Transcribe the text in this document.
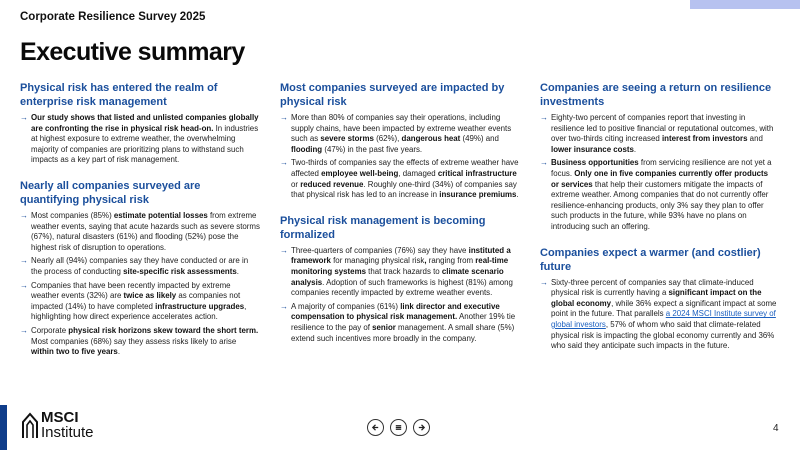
Corporate Resilience Survey 2025
Executive summary
Physical risk has entered the realm of enterprise risk management
→ Our study shows that listed and unlisted companies globally are confronting the rise in physical risk head-on. In industries at highest exposure to extreme weather, the overwhelming majority of companies are prioritizing plans to withstand such impacts as a key part of risk management.
Nearly all companies surveyed are quantifying physical risk
→ Most companies (85%) estimate potential losses from extreme weather events, saying that acute hazards such as severe storms (67%), natural disasters (61%) and flooding (52%) pose the highest risk of disruption to operations.
→ Nearly all (94%) companies say they have conducted or are in the process of conducting site-specific risk assessments.
→ Companies that have been recently impacted by extreme weather events (32%) are twice as likely as companies not impacted (14%) to have completed infrastructure upgrades, highlighting how direct experience accelerates action.
→ Corporate physical risk horizons skew toward the short term. Most companies (68%) say they assess risks likely to arise within two to five years.
Most companies surveyed are impacted by physical risk
→ More than 80% of companies say their operations, including supply chains, have been impacted by extreme weather events such as severe storms (62%), dangerous heat (49%) and flooding (47%) in the past five years.
→ Two-thirds of companies say the effects of extreme weather have affected employee well-being, damaged critical infrastructure or reduced revenue. Roughly one-third (34%) of companies say that physical risk has led to an increase in insurance premiums.
Physical risk management is becoming formalized
→ Three-quarters of companies (76%) say they have instituted a framework for managing physical risk, ranging from real-time monitoring systems that track hazards to climate scenario analysis. Adoption of such frameworks is highest (81%) among companies recently impacted by extreme weather events.
→ A majority of companies (61%) link director and executive compensation to physical risk management. Another 19% tie resilience to the pay of senior management. A small share (5%) extend such incentives more broadly in the company.
Companies are seeing a return on resilience investments
→ Eighty-two percent of companies report that investing in resilience led to positive financial or reputational outcomes, with over two-thirds citing increased interest from investors and lower insurance costs.
→ Business opportunities from servicing resilience are not yet a focus. Only one in five companies currently offer products or services that help their customers mitigate the impacts of extreme weather. Among companies that do not currently offer resilience-enhancing products, only 3% say they plan to offer such products in the future, while 93% have no plans on introducing such an offering.
Companies expect a warmer (and costlier) future
→ Sixty-three percent of companies say that climate-induced physical risk is currently having a significant impact on the global economy, while 36% expect a significant impact at some point in the future. That parallels a 2024 MSCI Institute survey of global investors, 57% of whom who said that climate-related physical risk is impacting the global economy currently and 36% who said they anticipate such impacts in the future.
MSCI
Institute	4
